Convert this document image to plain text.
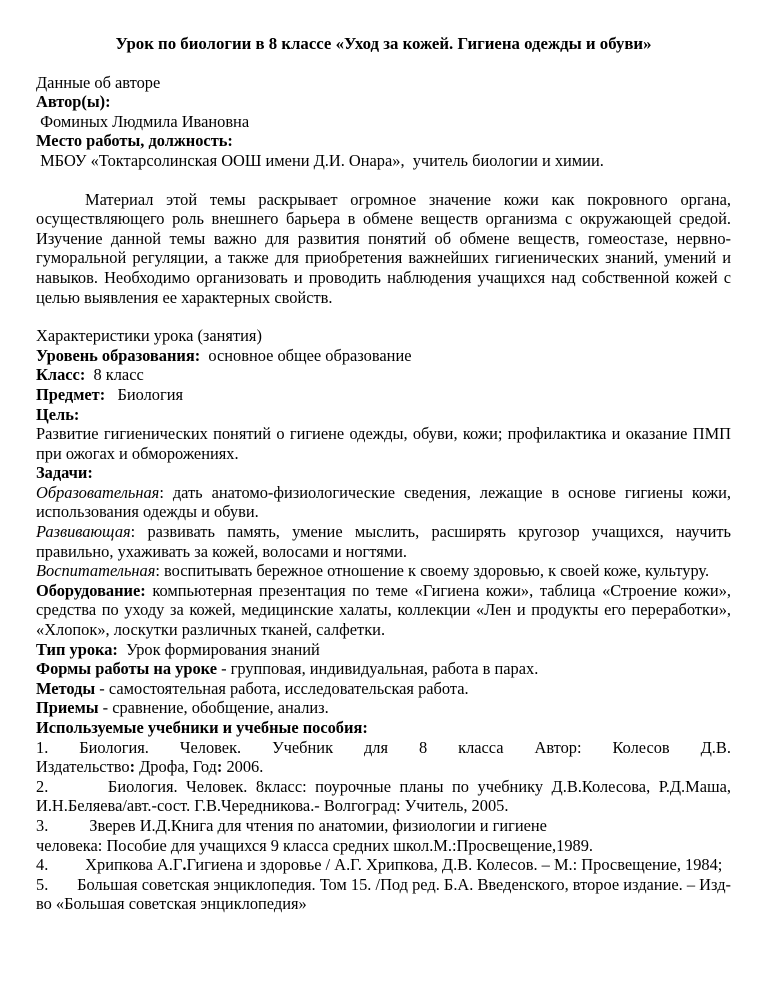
Урок по биологии в 8 классе «Уход за кожей. Гигиена одежды и обуви»

Данные об авторе

Автор(ы):

Фоминых Людмила Ивановна

Место работы, должность:

МБОУ «Токтарсолинская ООШ имени Д.И. Онара»,  учитель биологии и химии.

Материал этой темы раскрывает огромное значение кожи как покровного органа, осуществляющего роль внешнего барьера в обмене веществ организма с окружающей средой. Изучение данной темы важно для развития понятий об обмене веществ, гомеостазе, нервно-гуморальной регуляции, а также для приобретения важнейших гигиенических знаний, умений и навыков. Необходимо организовать и проводить наблюдения учащихся над собственной кожей с целью выявления ее характерных свойств.

Характеристики урока (занятия)

Уровень образования:  основное общее образование

Класс:  8 класс

Предмет:   Биология

Цель:

Развитие гигиенических понятий о гигиене одежды, обуви, кожи; профилактика и оказание ПМП при ожогах и обморожениях.

Задачи:

Образовательная: дать анатомо-физиологические сведения, лежащие в основе гигиены кожи, использования одежды и обуви.

Развивающая: развивать память, умение мыслить, расширять кругозор учащихся, научить правильно, ухаживать за кожей, волосами и ногтями.

Воспитательная: воспитывать бережное отношение к своему здоровью, к своей коже, культуру.

Оборудование: компьютерная презентация по теме «Гигиена кожи», таблица «Строение кожи», средства по уходу за кожей, медицинские халаты, коллекции «Лен и продукты его переработки», «Хлопок», лоскутки различных тканей, салфетки.

Тип урока:  Урок формирования знаний

Формы работы на уроке - групповая, индивидуальная, работа в парах.

Методы - самостоятельная работа, исследовательская работа.

Приемы - сравнение, обобщение, анализ.

Используемые учебники и учебные пособия:

1. Биология. Человек. Учебник для 8 класса Автор: Колесов Д.В.

Издательство: Дрофа, Год: 2006.

2.       Биология. Человек. 8класс: поурочные планы по учебнику Д.В.Колесова, Р.Д.Маша, И.Н.Беляева/авт.-сост. Г.В.Чередникова.- Волгоград: Учитель, 2005.

3.          Зверев И.Д.Книга для чтения по анатомии, физиологии и гигиене

человека: Пособие для учащихся 9 класса средних школ.М.:Просвещение,1989.

4.         Хрипкова А.Г.Гигиена и здоровье / А.Г. Хрипкова, Д.В. Колесов. – М.: Просвещение, 1984;

5.       Большая советская энциклопедия. Том 15. /Под ред. Б.А. Введенского, второе издание. – Изд-во «Большая советская энциклопедия»
